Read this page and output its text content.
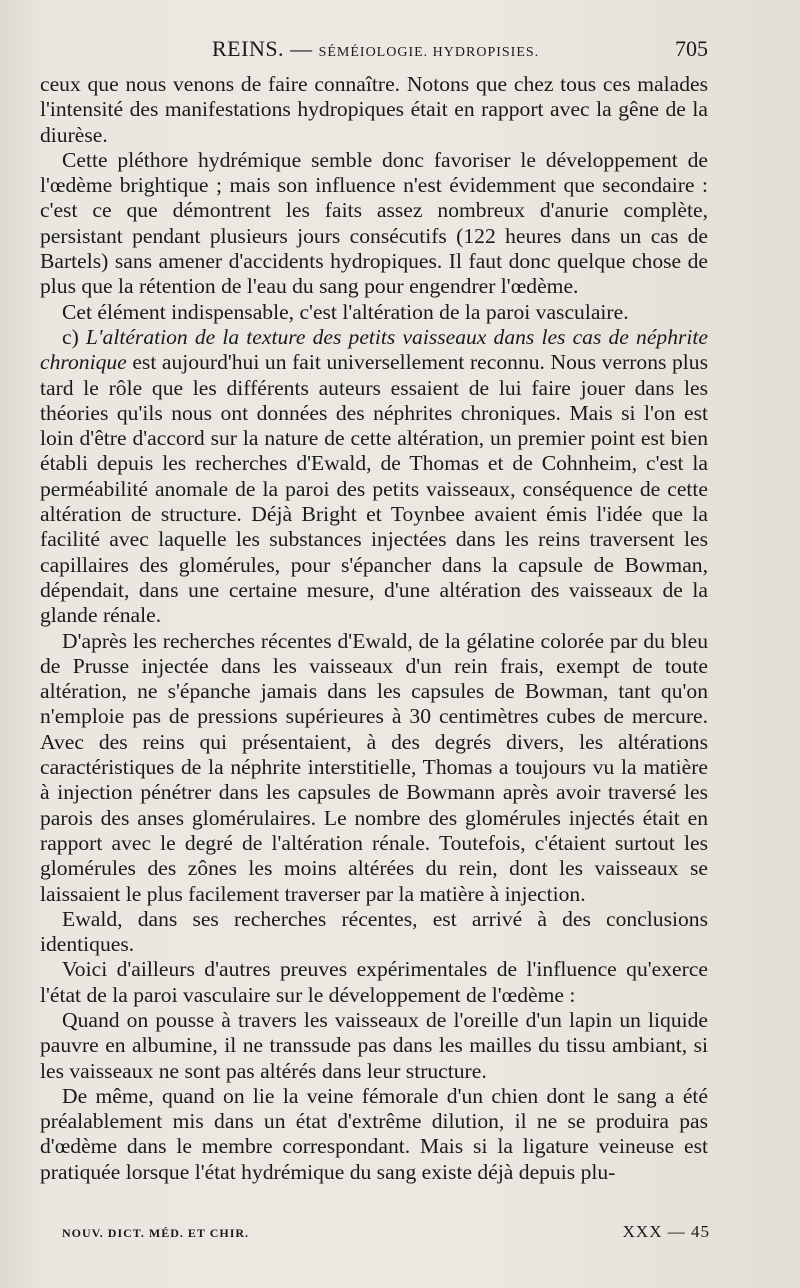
REINS. — SÉMÉIOLOGIE. HYDROPISIES.	705

ceux que nous venons de faire connaître. Notons que chez tous ces malades l'intensité des manifestations hydropiques était en rapport avec la gêne de la diurèse.

Cette pléthore hydrémique semble donc favoriser le développement de l'œdème brightique ; mais son influence n'est évidemment que secondaire : c'est ce que démontrent les faits assez nombreux d'anurie complète, persistant pendant plusieurs jours consécutifs (122 heures dans un cas de Bartels) sans amener d'accidents hydropiques. Il faut donc quelque chose de plus que la rétention de l'eau du sang pour engendrer l'œdème.

Cet élément indispensable, c'est l'altération de la paroi vasculaire.

c) L'altération de la texture des petits vaisseaux dans les cas de néphrite chronique est aujourd'hui un fait universellement reconnu. Nous verrons plus tard le rôle que les différents auteurs essaient de lui faire jouer dans les théories qu'ils nous ont données des néphrites chroniques. Mais si l'on est loin d'être d'accord sur la nature de cette altération, un premier point est bien établi depuis les recherches d'Ewald, de Thomas et de Cohnheim, c'est la perméabilité anomale de la paroi des petits vaisseaux, conséquence de cette altération de structure. Déjà Bright et Toynbee avaient émis l'idée que la facilité avec laquelle les substances injectées dans les reins traversent les capillaires des glomérules, pour s'épancher dans la capsule de Bowman, dépendait, dans une certaine mesure, d'une altération des vaisseaux de la glande rénale.

D'après les recherches récentes d'Ewald, de la gélatine colorée par du bleu de Prusse injectée dans les vaisseaux d'un rein frais, exempt de toute altération, ne s'épanche jamais dans les capsules de Bowman, tant qu'on n'emploie pas de pressions supérieures à 30 centimètres cubes de mercure. Avec des reins qui présentaient, à des degrés divers, les altérations caractéristiques de la néphrite interstitielle, Thomas a toujours vu la matière à injection pénétrer dans les capsules de Bowmann après avoir traversé les parois des anses glomérulaires. Le nombre des glomérules injectés était en rapport avec le degré de l'altération rénale. Toutefois, c'étaient surtout les glomérules des zônes les moins altérées du rein, dont les vaisseaux se laissaient le plus facilement traverser par la matière à injection.

Ewald, dans ses recherches récentes, est arrivé à des conclusions identiques.

Voici d'ailleurs d'autres preuves expérimentales de l'influence qu'exerce l'état de la paroi vasculaire sur le développement de l'œdème :

Quand on pousse à travers les vaisseaux de l'oreille d'un lapin un liquide pauvre en albumine, il ne transsude pas dans les mailles du tissu ambiant, si les vaisseaux ne sont pas altérés dans leur structure.

De même, quand on lie la veine fémorale d'un chien dont le sang a été préalablement mis dans un état d'extrême dilution, il ne se produira pas d'œdème dans le membre correspondant. Mais si la ligature veineuse est pratiquée lorsque l'état hydrémique du sang existe déjà depuis plu-

NOUV. DICT. MÉD. ET CHIR.	XXX — 45
